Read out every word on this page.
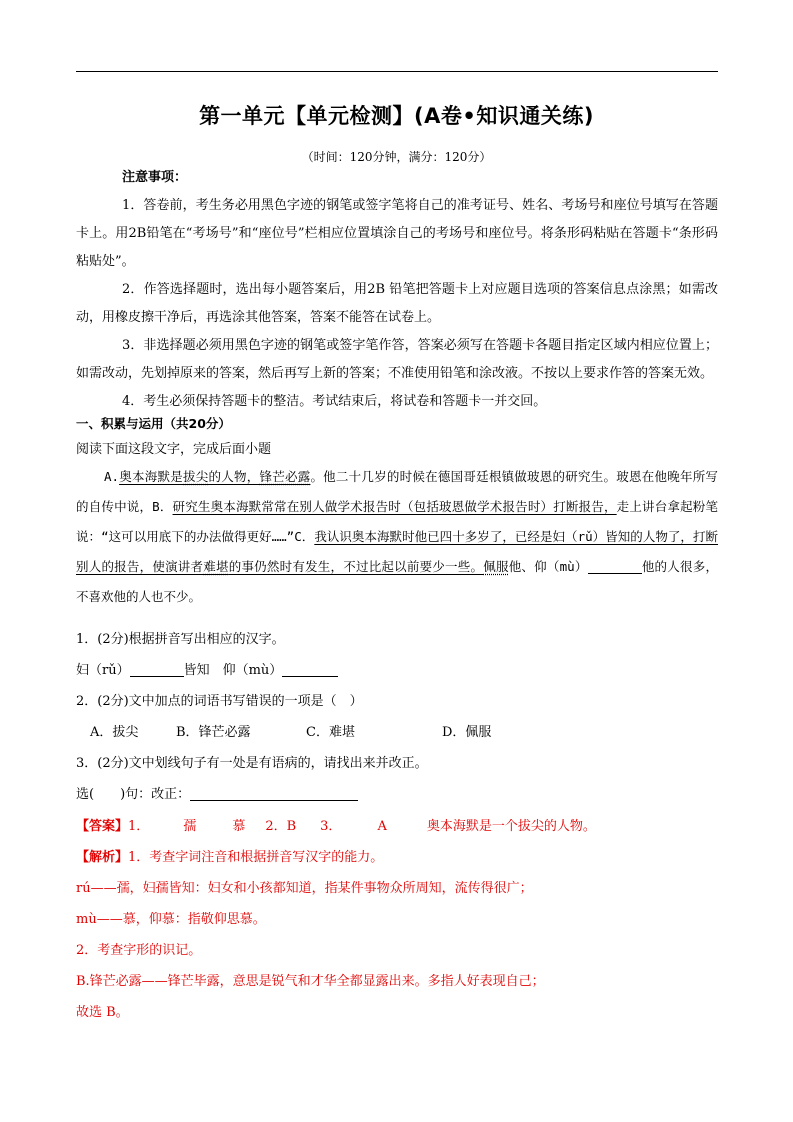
第一单元【单元检测】(A卷•知识通关练)
（时间：120分钟，满分：120分）
注意事项：
1．答卷前，考生务必用黑色字迹的钢笔或签字笔将自己的准考证号、姓名、考场号和座位号填写在答题卡上。用2B铅笔在“考场号”和“座位号”栏相应位置填涂自己的考场号和座位号。将条形码粘贴在答题卡“条形码粘贴处”。
2．作答选择题时，选出每小题答案后，用2B 铅笔把答题卡上对应题目选项的答案信息点涂黑；如需改动，用橡皮擦干净后，再选涂其他答案，答案不能答在试卷上。
3．非选择题必须用黑色字迹的钢笔或签字笔作答，答案必须写在答题卡各题目指定区域内相应位置上；如需改动，先划掉原来的答案，然后再写上新的答案；不准使用铅笔和涂改液。不按以上要求作答的答案无效。
4．考生必须保持答题卡的整洁。考试结束后，将试卷和答题卡一并交回。
一、积累与运用（共20分）
阅读下面这段文字，完成后面小题
A.奥本海默是拔尖的人物，锋芒必露。他二十几岁的时候在德国哥廷根镇做玻恩的研究生。玻恩在他晚年所写的自传中说，B．研究生奥本海默常常在别人做学术报告时（包括玻恩做学术报告时）打断报告，走上讲台拿起粉笔说：“这可以用底下的办法做得更好……”C．我认识奥本海默时他已四十多岁了，已经是妇（rǔ）皆知的人物了，打断别人的报告，使演讲者难堪的事仍然时有发生，不过比起以前要少一些。佩服他、仰（mù）	他的人很多，不喜欢他的人也不少。
1．(2分)根据拼音写出相应的汉字。
妇（rǔ）	皆知　仰（mù）
2．(2分)文中加点的词语书写错误的一项是（　）
A．拔尖	B．锋芒必露	C．难堪	D．佩服
3．(2分)文中划线句子有一处是有语病的，请找出来并改正。
选(　　)句：改正：
【答案】1．	孺	慕 2．B 3．	A	奥本海默是一个拔尖的人物。
【解析】1．考查字词注音和根据拼音写汉字的能力。
rú——孺，妇孺皆知：妇女和小孩都知道，指某件事物众所周知，流传得很广；
mù——慕，仰慕：指敬仰思慕。
2．考查字形的识记。
B.锋芒必露——锋芒毕露，意思是锐气和才华全都显露出来。多指人好表现自己；
故选 B。
